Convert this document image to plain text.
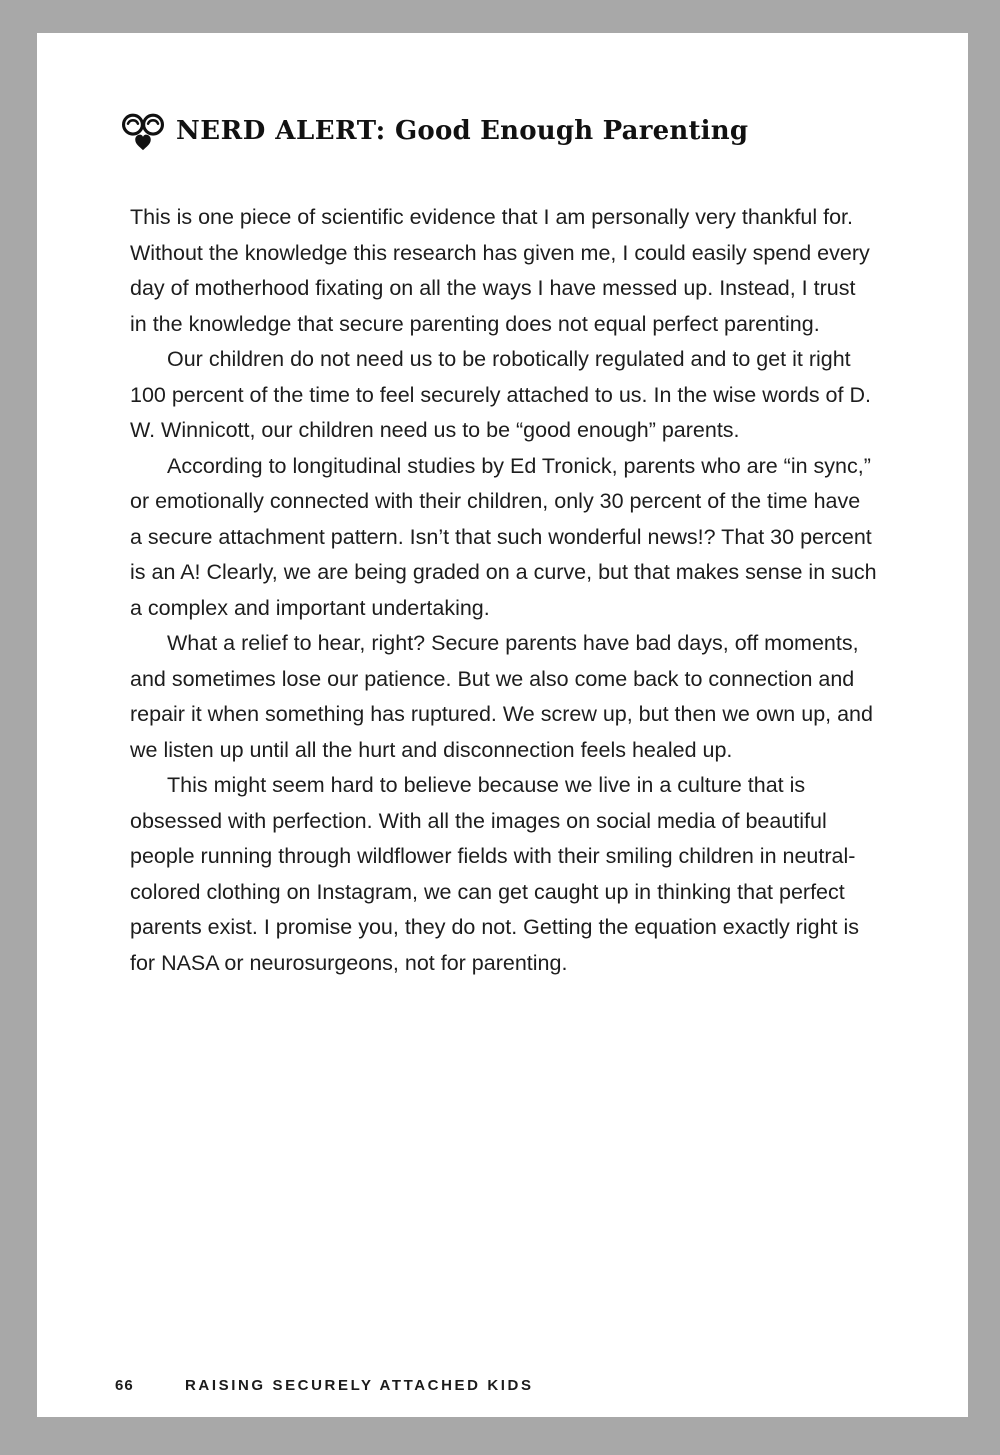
NERD ALERT: Good Enough Parenting

This is one piece of scientific evidence that I am personally very thankful for. Without the knowledge this research has given me, I could easily spend every day of motherhood fixating on all the ways I have messed up. Instead, I trust in the knowledge that secure parenting does not equal perfect parenting.

Our children do not need us to be robotically regulated and to get it right 100 percent of the time to feel securely attached to us. In the wise words of D. W. Winnicott, our children need us to be “good enough” parents.

According to longitudinal studies by Ed Tronick, parents who are “in sync,” or emotionally connected with their children, only 30 percent of the time have a secure attachment pattern. Isn’t that such wonderful news!? That 30 percent is an A! Clearly, we are being graded on a curve, but that makes sense in such a complex and important undertaking.

What a relief to hear, right? Secure parents have bad days, off moments, and sometimes lose our patience. But we also come back to connection and repair it when something has ruptured. We screw up, but then we own up, and we listen up until all the hurt and disconnection feels healed up.

This might seem hard to believe because we live in a culture that is obsessed with perfection. With all the images on social media of beautiful people running through wildflower fields with their smiling children in neutral-colored clothing on Instagram, we can get caught up in thinking that perfect parents exist. I promise you, they do not. Getting the equation exactly right is for NASA or neurosurgeons, not for parenting.

66	RAISING SECURELY ATTACHED KIDS
